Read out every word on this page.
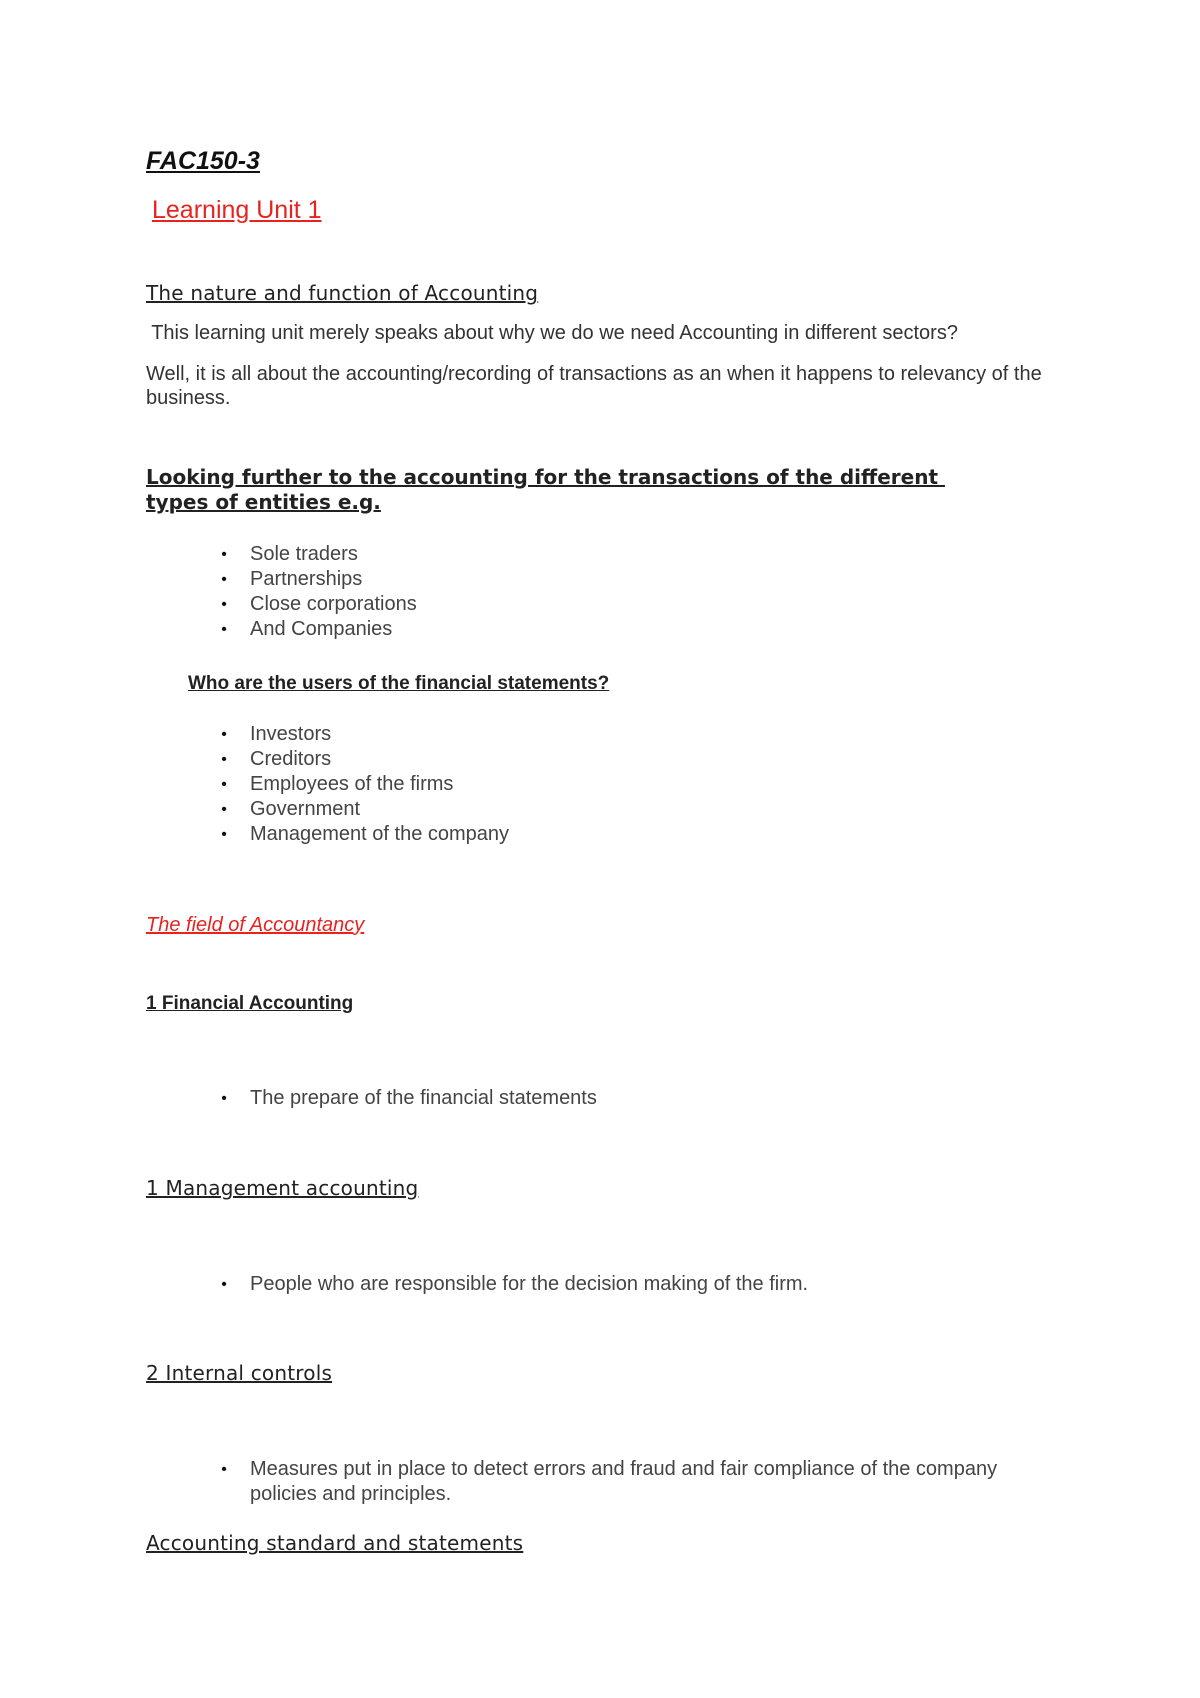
FAC150-3
Learning Unit 1
The nature and function of Accounting
This learning unit merely speaks about why we do we need Accounting in different sectors?
Well, it is all about the accounting/recording of transactions as an when it happens to relevancy of the business.
Looking further to the accounting for the transactions of the different
types of entities e.g.
• Sole traders
• Partnerships
• Close corporations
• And Companies
Who are the users of the financial statements?
• Investors
• Creditors
• Employees of the firms
• Government
• Management of the company
The field of Accountancy
1 Financial Accounting
• The prepare of the financial statements
1 Management accounting
• People who are responsible for the decision making of the firm.
2 Internal controls
• Measures put in place to detect errors and fraud and fair compliance of the company
policies and principles.
Accounting standard and statements
